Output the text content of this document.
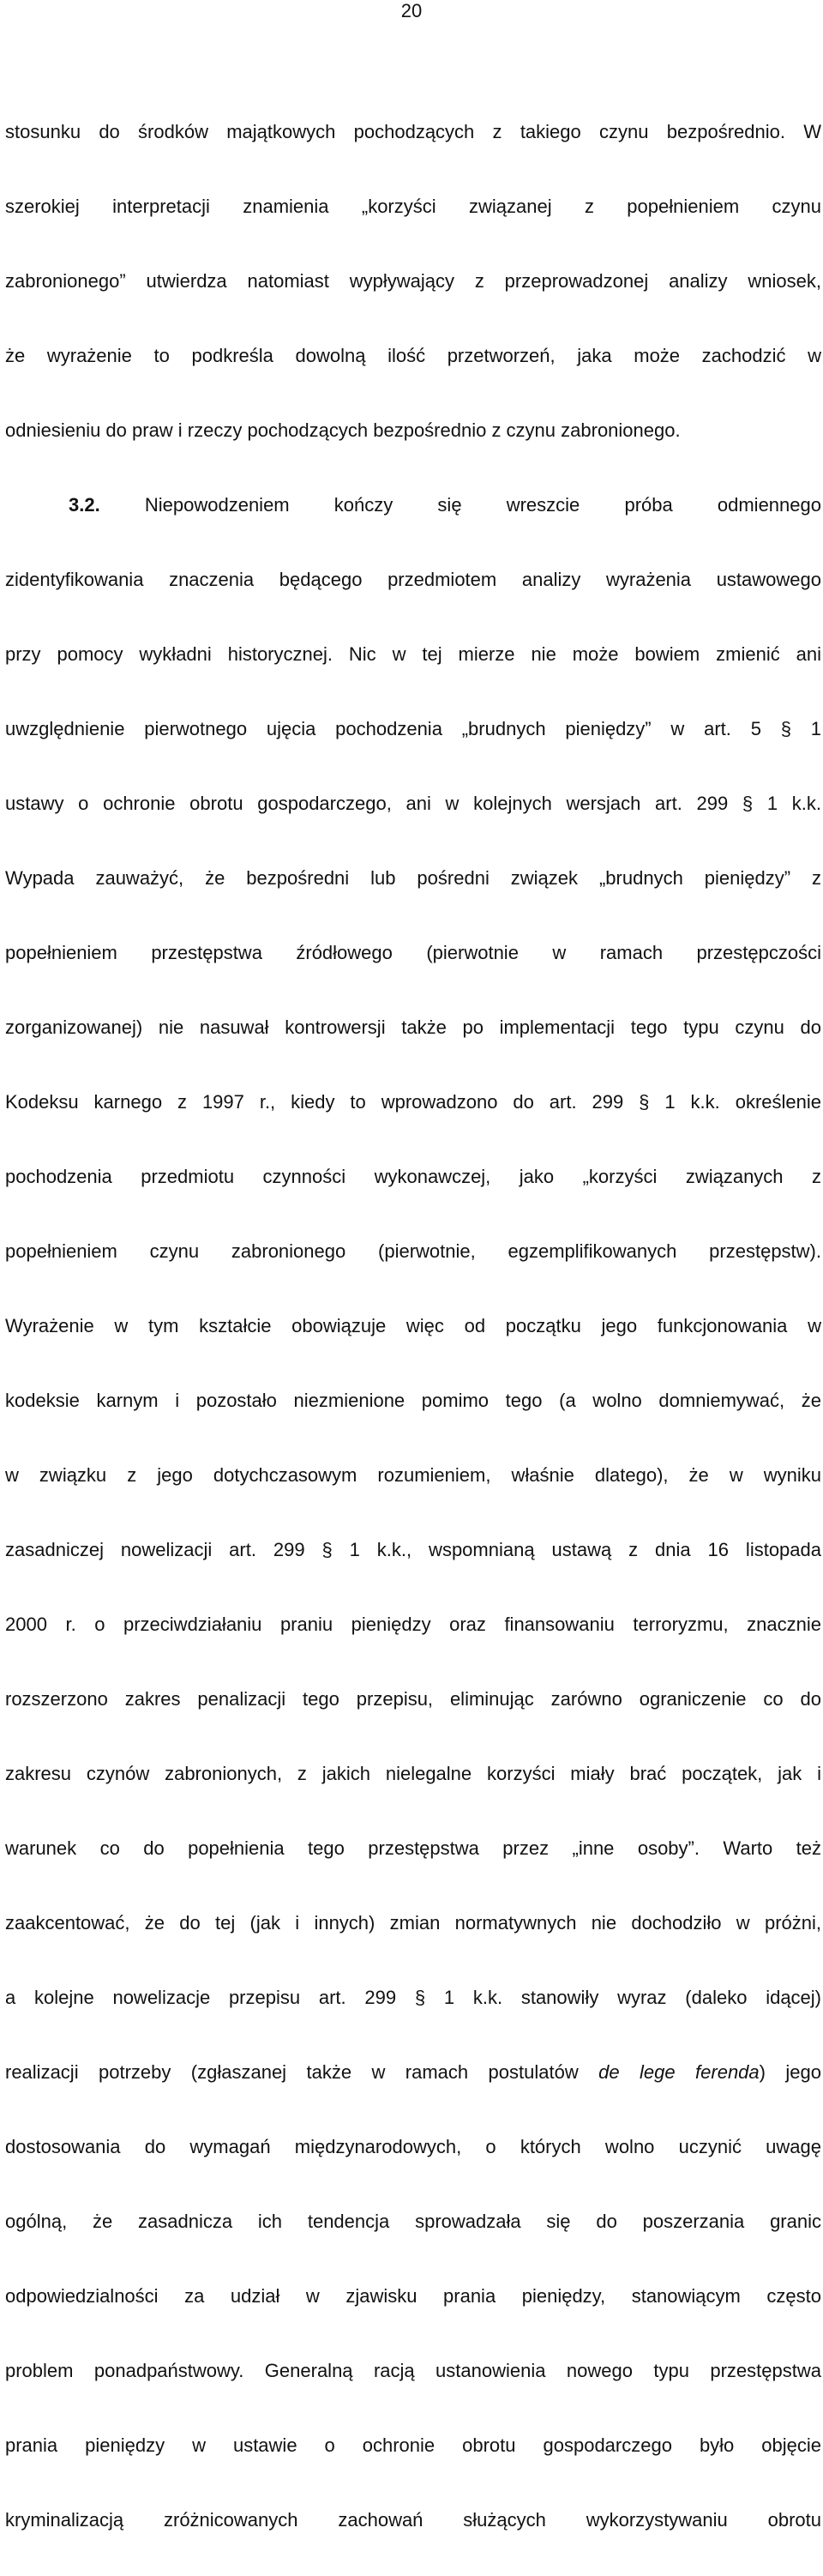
20

stosunku do środków majątkowych pochodzących z takiego czynu bezpośrednio. W

szerokiej interpretacji znamienia „korzyści związanej z popełnieniem czynu

zabronionego” utwierdza natomiast wypływający z przeprowadzonej analizy wniosek,

że wyrażenie to podkreśla dowolną ilość przetworzeń, jaka może zachodzić w

odniesieniu do praw i rzeczy pochodzących bezpośrednio z czynu zabronionego.

3.2. Niepowodzeniem kończy się wreszcie próba odmiennego

zidentyfikowania znaczenia będącego przedmiotem analizy wyrażenia ustawowego

przy pomocy wykładni historycznej. Nic w tej mierze nie może bowiem zmienić ani

uwzględnienie pierwotnego ujęcia pochodzenia „brudnych pieniędzy” w art. 5 § 1

ustawy o ochronie obrotu gospodarczego, ani w kolejnych wersjach art. 299 § 1 k.k.

Wypada zauważyć, że bezpośredni lub pośredni związek „brudnych pieniędzy” z

popełnieniem przestępstwa źródłowego (pierwotnie w ramach przestępczości

zorganizowanej) nie nasuwał kontrowersji także po implementacji tego typu czynu do

Kodeksu karnego z 1997 r., kiedy to wprowadzono do art. 299 § 1 k.k. określenie

pochodzenia przedmiotu czynności wykonawczej, jako „korzyści związanych z

popełnieniem czynu zabronionego (pierwotnie, egzemplifikowanych przestępstw).

Wyrażenie w tym kształcie obowiązuje więc od początku jego funkcjonowania w

kodeksie karnym i pozostało niezmienione pomimo tego (a wolno domniemywać, że

w związku z jego dotychczasowym rozumieniem, właśnie dlatego), że w wyniku

zasadniczej nowelizacji art. 299 § 1 k.k., wspomnianą ustawą z dnia 16 listopada

2000 r. o przeciwdziałaniu praniu pieniędzy oraz finansowaniu terroryzmu, znacznie

rozszerzono zakres penalizacji tego przepisu, eliminując zarówno ograniczenie co do

zakresu czynów zabronionych, z jakich nielegalne korzyści miały brać początek, jak i

warunek co do popełnienia tego przestępstwa przez „inne osoby”. Warto też

zaakcentować, że do tej (jak i innych) zmian normatywnych nie dochodziło w próżni,

a kolejne nowelizacje przepisu art. 299 § 1 k.k. stanowiły wyraz (daleko idącej)

realizacji potrzeby (zgłaszanej także w ramach postulatów de lege ferenda) jego

dostosowania do wymagań międzynarodowych, o których wolno uczynić uwagę

ogólną, że zasadnicza ich tendencja sprowadzała się do poszerzania granic

odpowiedzialności za udział w zjawisku prania pieniędzy, stanowiącym często

problem ponadpaństwowy. Generalną racją ustanowienia nowego typu przestępstwa

prania pieniędzy w ustawie o ochronie obrotu gospodarczego było objęcie

kryminalizacją zróżnicowanych zachowań służących wykorzystywaniu obrotu
